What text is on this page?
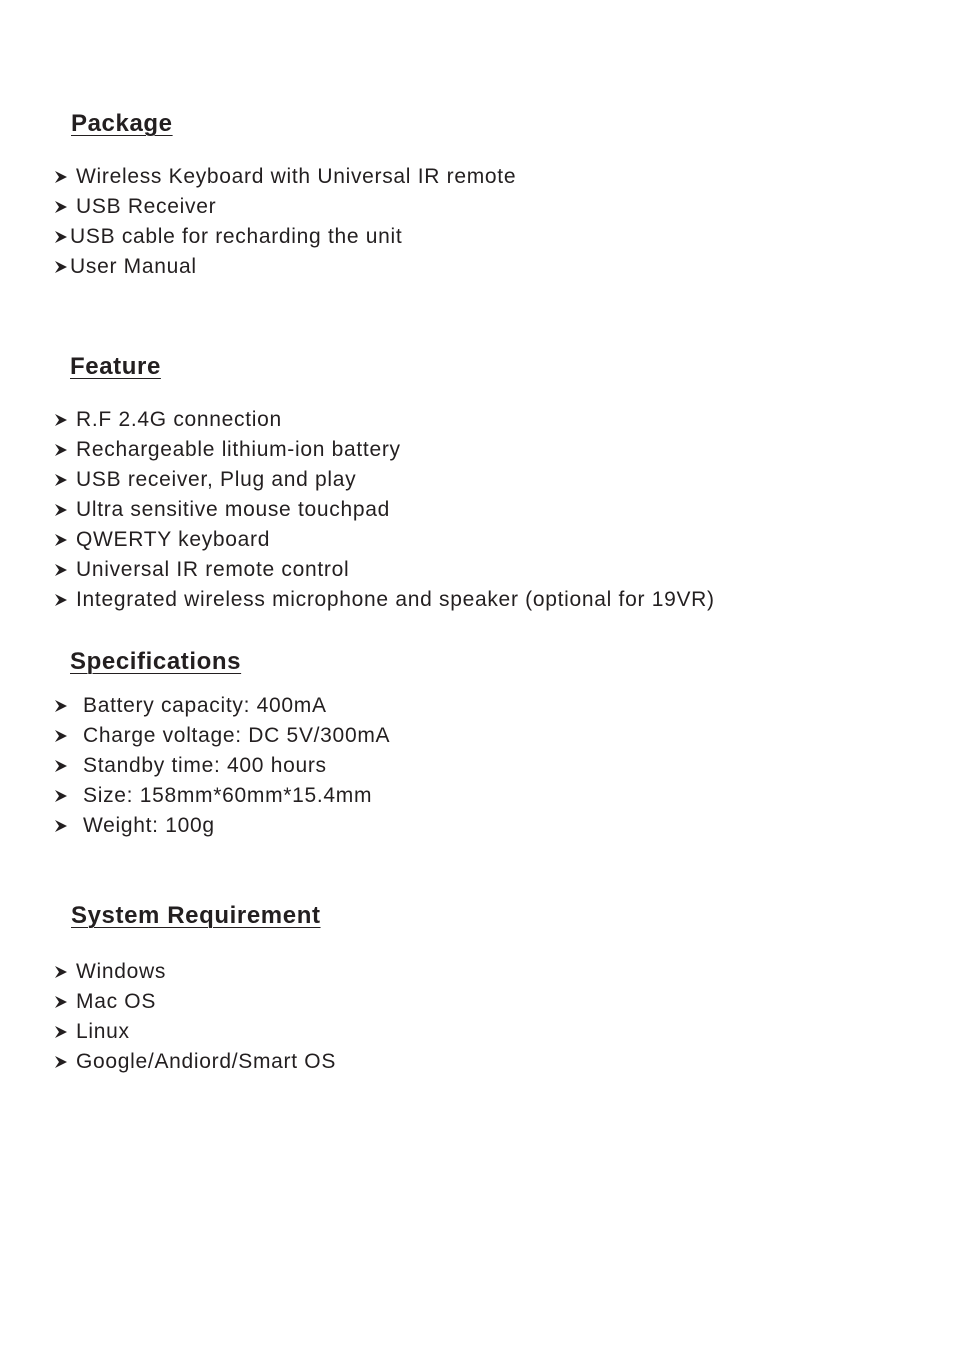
Package
Wireless Keyboard with Universal IR remote
USB Receiver
USB cable for recharding the unit
User Manual
Feature
R.F 2.4G connection
Rechargeable lithium-ion battery
USB receiver, Plug and play
Ultra sensitive mouse touchpad
QWERTY keyboard
Universal IR remote control
Integrated wireless microphone and speaker (optional for 19VR)
Specifications
Battery capacity: 400mA
Charge voltage: DC 5V/300mA
Standby time: 400 hours
Size: 158mm*60mm*15.4mm
Weight: 100g
System Requirement
Windows
Mac OS
Linux
Google/Andiord/Smart OS
